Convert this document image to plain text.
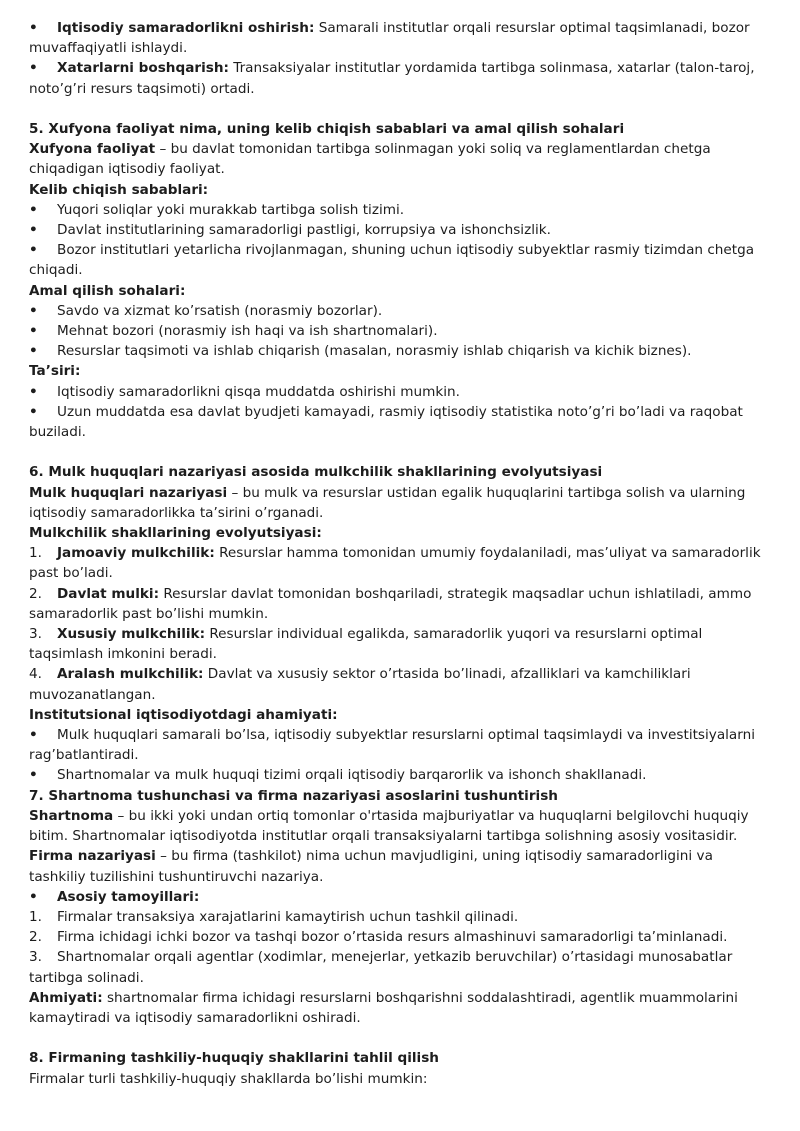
• Iqtisodiy samaradorlikni oshirish: Samarali institutlar orqali resurslar optimal taqsimlanadi, bozor muvaffaqiyatli ishlaydi.

• Xatarlarni boshqarish: Transaksiyalar institutlar yordamida tartibga solinmasa, xatarlar (talon-taroj, noto’g’ri resurs taqsimoti) ortadi.

5. Xufyona faoliyat nima, uning kelib chiqish sabablari va amal qilish sohalari

Xufyona faoliyat – bu davlat tomonidan tartibga solinmagan yoki soliq va reglamentlardan chetga chiqadigan iqtisodiy faoliyat.

Kelib chiqish sabablari:

• Yuqori soliqlar yoki murakkab tartibga solish tizimi.

• Davlat institutlarining samaradorligi pastligi, korrupsiya va ishonchsizlik.

• Bozor institutlari yetarlicha rivojlanmagan, shuning uchun iqtisodiy subyektlar rasmiy tizimdan chetga chiqadi.

Amal qilish sohalari:

• Savdo va xizmat ko’rsatish (norasmiy bozorlar).

• Mehnat bozori (norasmiy ish haqi va ish shartnomalari).

• Resurslar taqsimoti va ishlab chiqarish (masalan, norasmiy ishlab chiqarish va kichik biznes).

Ta’siri:

• Iqtisodiy samaradorlikni qisqa muddatda oshirishi mumkin.

• Uzun muddatda esa davlat byudjeti kamayadi, rasmiy iqtisodiy statistika noto’g’ri bo’ladi va raqobat buziladi.

6. Mulk huquqlari nazariyasi asosida mulkchilik shakllarining evolyutsiyasi

Mulk huquqlari nazariyasi – bu mulk va resurslar ustidan egalik huquqlarini tartibga solish va ularning iqtisodiy samaradorlikka ta’sirini o’rganadi.

Mulkchilik shakllarining evolyutsiyasi:

1. Jamoaviy mulkchilik: Resurslar hamma tomonidan umumiy foydalaniladi, mas’uliyat va samaradorlik past bo’ladi.

2. Davlat mulki: Resurslar davlat tomonidan boshqariladi, strategik maqsadlar uchun ishlatiladi, ammo samaradorlik past bo’lishi mumkin.

3. Xususiy mulkchilik: Resurslar individual egalikda, samaradorlik yuqori va resurslarni optimal taqsimlash imkonini beradi.

4. Aralash mulkchilik: Davlat va xususiy sektor o’rtasida bo’linadi, afzalliklari va kamchiliklari muvozanatlangan.

Institutsional iqtisodiyotdagi ahamiyati:

• Mulk huquqlari samarali bo’lsa, iqtisodiy subyektlar resurslarni optimal taqsimlaydi va investitsiyalarni rag’batlantiradi.

• Shartnomalar va mulk huquqi tizimi orqali iqtisodiy barqarorlik va ishonch shakllanadi.

7. Shartnoma tushunchasi va firma nazariyasi asoslarini tushuntirish

Shartnoma – bu ikki yoki undan ortiq tomonlar o'rtasida majburiyatlar va huquqlarni belgilovchi huquqiy bitim. Shartnomalar iqtisodiyotda institutlar orqali transaksiyalarni tartibga solishning asosiy vositasidir.

Firma nazariyasi – bu firma (tashkilot) nima uchun mavjudligini, uning iqtisodiy samaradorligini va tashkiliy tuzilishini tushuntiruvchi nazariya.

• Asosiy tamoyillari:

1. Firmalar transaksiya xarajatlarini kamaytirish uchun tashkil qilinadi.

2. Firma ichidagi ichki bozor va tashqi bozor o’rtasida resurs almashinuvi samaradorligi ta’minlanadi.

3. Shartnomalar orqali agentlar (xodimlar, menejerlar, yetkazib beruvchilar) o’rtasidagi munosabatlar tartibga solinadi.

Ahmiyati: shartnomalar firma ichidagi resurslarni boshqarishni soddalashtiradi, agentlik muammolarini kamaytiradi va iqtisodiy samaradorlikni oshiradi.

8. Firmaning tashkiliy-huquqiy shakllarini tahlil qilish

Firmalar turli tashkiliy-huquqiy shakllarda bo’lishi mumkin:
